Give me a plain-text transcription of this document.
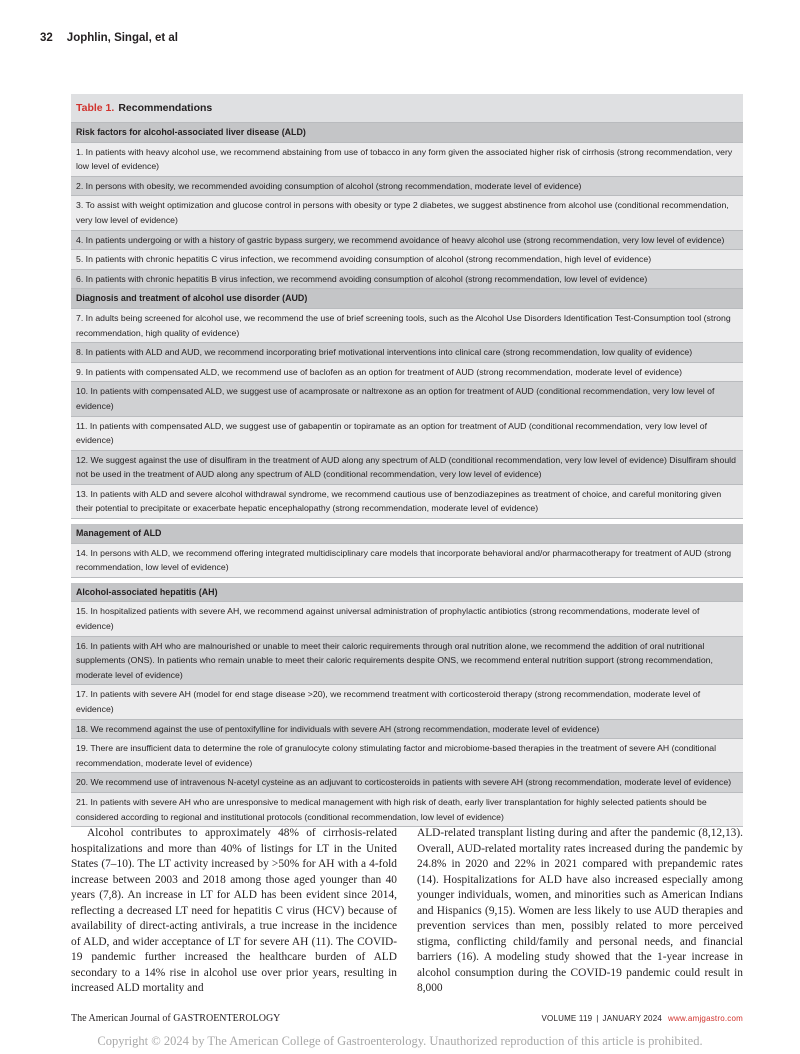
32 Jophlin, Singal, et al
Table 1. Recommendations
Risk factors for alcohol-associated liver disease (ALD)
1. In patients with heavy alcohol use, we recommend abstaining from use of tobacco in any form given the associated higher risk of cirrhosis (strong recommendation, very low level of evidence)
2. In persons with obesity, we recommended avoiding consumption of alcohol (strong recommendation, moderate level of evidence)
3. To assist with weight optimization and glucose control in persons with obesity or type 2 diabetes, we suggest abstinence from alcohol use (conditional recommendation, very low level of evidence)
4. In patients undergoing or with a history of gastric bypass surgery, we recommend avoidance of heavy alcohol use (strong recommendation, very low level of evidence)
5. In patients with chronic hepatitis C virus infection, we recommend avoiding consumption of alcohol (strong recommendation, high level of evidence)
6. In patients with chronic hepatitis B virus infection, we recommend avoiding consumption of alcohol (strong recommendation, low level of evidence)
Diagnosis and treatment of alcohol use disorder (AUD)
7. In adults being screened for alcohol use, we recommend the use of brief screening tools, such as the Alcohol Use Disorders Identification Test-Consumption tool (strong recommendation, high quality of evidence)
8. In patients with ALD and AUD, we recommend incorporating brief motivational interventions into clinical care (strong recommendation, low quality of evidence)
9. In patients with compensated ALD, we recommend use of baclofen as an option for treatment of AUD (strong recommendation, moderate level of evidence)
10. In patients with compensated ALD, we suggest use of acamprosate or naltrexone as an option for treatment of AUD (conditional recommendation, very low level of evidence)
11. In patients with compensated ALD, we suggest use of gabapentin or topiramate as an option for treatment of AUD (conditional recommendation, very low level of evidence)
12. We suggest against the use of disulfiram in the treatment of AUD along any spectrum of ALD (conditional recommendation, very low level of evidence) Disulfiram should not be used in the treatment of AUD along any spectrum of ALD (conditional recommendation, very low level of evidence)
13. In patients with ALD and severe alcohol withdrawal syndrome, we recommend cautious use of benzodiazepines as treatment of choice, and careful monitoring given their potential to precipitate or exacerbate hepatic encephalopathy (strong recommendation, moderate level of evidence)
Management of ALD
14. In persons with ALD, we recommend offering integrated multidisciplinary care models that incorporate behavioral and/or pharmacotherapy for treatment of AUD (strong recommendation, low level of evidence)
Alcohol-associated hepatitis (AH)
15. In hospitalized patients with severe AH, we recommend against universal administration of prophylactic antibiotics (strong recommendations, moderate level of evidence)
16. In patients with AH who are malnourished or unable to meet their caloric requirements through oral nutrition alone, we recommend the addition of oral nutritional supplements (ONS). In patients who remain unable to meet their caloric requirements despite ONS, we recommend enteral nutrition support (strong recommendation, moderate level of evidence)
17. In patients with severe AH (model for end stage disease >20), we recommend treatment with corticosteroid therapy (strong recommendation, moderate level of evidence)
18. We recommend against the use of pentoxifylline for individuals with severe AH (strong recommendation, moderate level of evidence)
19. There are insufficient data to determine the role of granulocyte colony stimulating factor and microbiome-based therapies in the treatment of severe AH (conditional recommendation, moderate level of evidence)
20. We recommend use of intravenous N-acetyl cysteine as an adjuvant to corticosteroids in patients with severe AH (strong recommendation, moderate level of evidence)
21. In patients with severe AH who are unresponsive to medical management with high risk of death, early liver transplantation for highly selected patients should be considered according to regional and institutional protocols (conditional recommendation, low level of evidence)
Alcohol contributes to approximately 48% of cirrhosis-related hospitalizations and more than 40% of listings for LT in the United States (7–10). The LT activity increased by >50% for AH with a 4-fold increase between 2003 and 2018 among those aged younger than 40 years (7,8). An increase in LT for ALD has been evident since 2014, reflecting a decreased LT need for hepatitis C virus (HCV) because of availability of direct-acting antivirals, a true increase in the incidence of ALD, and wider acceptance of LT for severe AH (11). The COVID-19 pandemic further increased the healthcare burden of ALD secondary to a 14% rise in alcohol use over prior years, resulting in increased ALD mortality and
ALD-related transplant listing during and after the pandemic (8,12,13). Overall, AUD-related mortality rates increased during the pandemic by 24.8% in 2020 and 22% in 2021 compared with prepandemic rates (14). Hospitalizations for ALD have also increased especially among younger individuals, women, and minorities such as American Indians and Hispanics (9,15). Women are less likely to use AUD therapies and prevention services than men, possibly related to more perceived stigma, conflicting child/family and personal needs, and financial barriers (16). A modeling study showed that the 1-year increase in alcohol consumption during the COVID-19 pandemic could result in 8,000
The American Journal of GASTROENTEROLOGY	VOLUME 119 | JANUARY 2024 www.amjgastro.com
Copyright © 2024 by The American College of Gastroenterology. Unauthorized reproduction of this article is prohibited.
